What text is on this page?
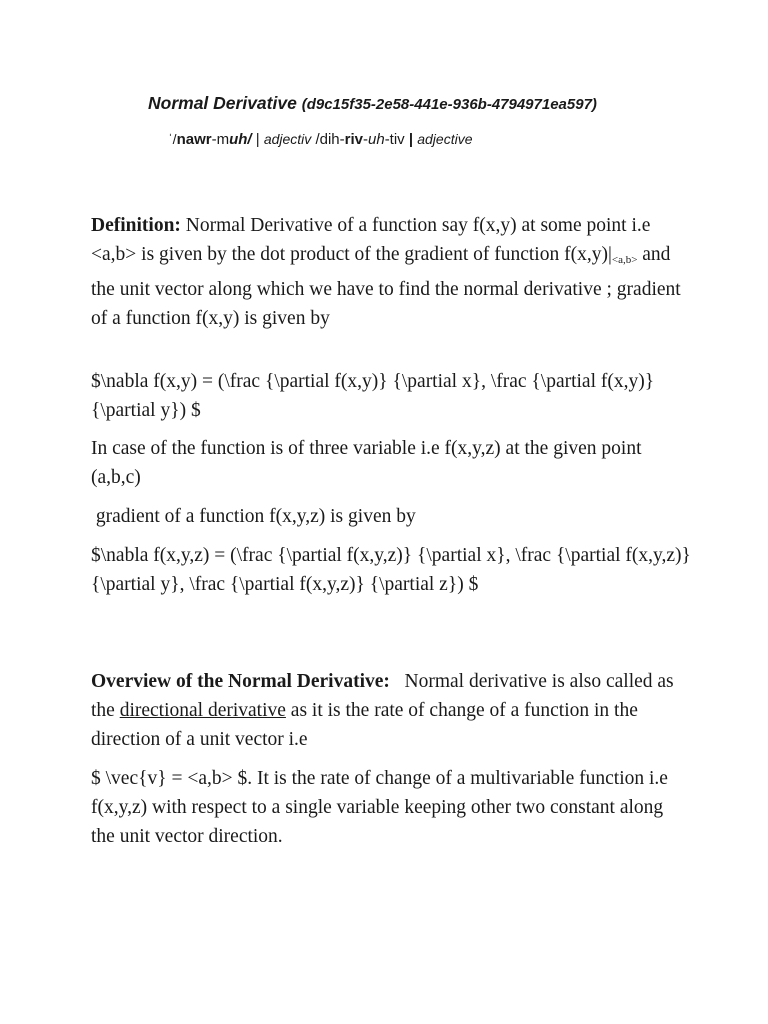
Normal Derivative (d9c15f35-2e58-441e-936b-4794971ea597)
ˈ/nawr-muh/ | adjectiv /dih-riv-uh-tiv | adjective

Definition: Normal Derivative of a function say f(x,y) at some point i.e <a,b> is given by the dot product of the gradient of function $f(x,y)|_{<a,b>}$ and the unit vector along which we have to find the normal derivative ; gradient of a function f(x,y) is given by

$\nabla f(x,y) = (\frac {\partial f(x,y)} {\partial x}, \frac {\partial f(x,y)} {\partial y}) $

In case of the function is of three variable i.e f(x,y,z) at the given point (a,b,c)

gradient of a function f(x,y,z) is given by

$\nabla f(x,y,z) = (\frac {\partial f(x,y,z)} {\partial x}, \frac {\partial f(x,y,z)} {\partial y}, \frac {\partial f(x,y,z)} {\partial z}) $

Overview of the Normal Derivative:   Normal derivative is also called as the directional derivative as it is the rate of change of a function in the direction of a unit vector i.e

$ \vec{v} = <a,b> $. It is the rate of change of a multivariable function i.e f(x,y,z) with respect to a single variable keeping other two constant along the unit vector direction.
